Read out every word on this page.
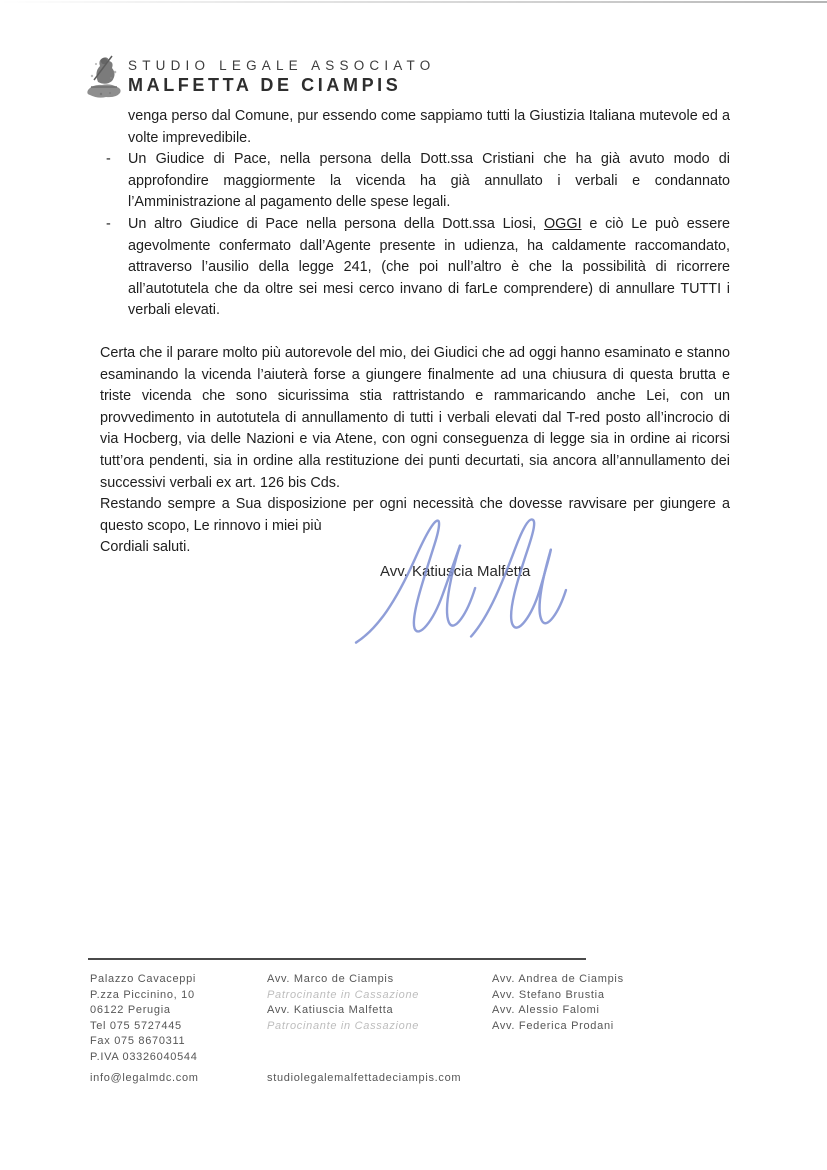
STUDIO LEGALE ASSOCIATO
MALFETTA DE CIAMPIS

venga perso dal Comune, pur essendo come sappiamo tutti la Giustizia Italiana mutevole ed a volte imprevedibile.

- Un Giudice di Pace, nella persona della Dott.ssa Cristiani che ha già avuto modo di approfondire maggiormente la vicenda ha già annullato i verbali e condannato l’Amministrazione al pagamento delle spese legali.

- Un altro Giudice di Pace nella persona della Dott.ssa Liosi, OGGI e ciò Le può essere agevolmente confermato dall’Agente presente in udienza, ha caldamente raccomandato, attraverso l’ausilio della legge 241, (che poi null’altro è che la possibilità di ricorrere all’autotutela che da oltre sei mesi cerco invano di farLe comprendere) di annullare TUTTI i verbali elevati.

Certa che il parare molto più autorevole del mio, dei Giudici che ad oggi hanno esaminato e stanno esaminando la vicenda l’aiuterà forse a giungere finalmente ad una chiusura di questa brutta e triste vicenda che sono sicurissima stia rattristando e rammaricando anche Lei, con un provvedimento in autotutela di annullamento di tutti i verbali elevati dal T-red posto all’incrocio di via Hocberg, via delle Nazioni e via Atene, con ogni conseguenza di legge sia in ordine ai ricorsi tutt’ora pendenti, sia in ordine alla restituzione dei punti decurtati, sia ancora all’annullamento dei successivi verbali ex art. 126 bis Cds.

Restando sempre a Sua disposizione per ogni necessità che dovesse ravvisare per giungere a questo scopo, Le rinnovo i miei più

Cordiali saluti.

Avv. Katiuscia Malfetta
Palazzo Cavaceppi
P.zza Piccinino, 10
06122 Perugia
Tel 075 5727445
Fax 075 8670311
P.IVA 03326040544
Avv. Marco de Ciampis
Patrocinante in Cassazione
Avv. Katiuscia Malfetta
Patrocinante in Cassazione
Avv. Andrea de Ciampis
Avv. Stefano Brustia
Avv. Alessio Falomi
Avv. Federica Prodani
info@legalmdc.com	studiolegalemalfettadeciampis.com
